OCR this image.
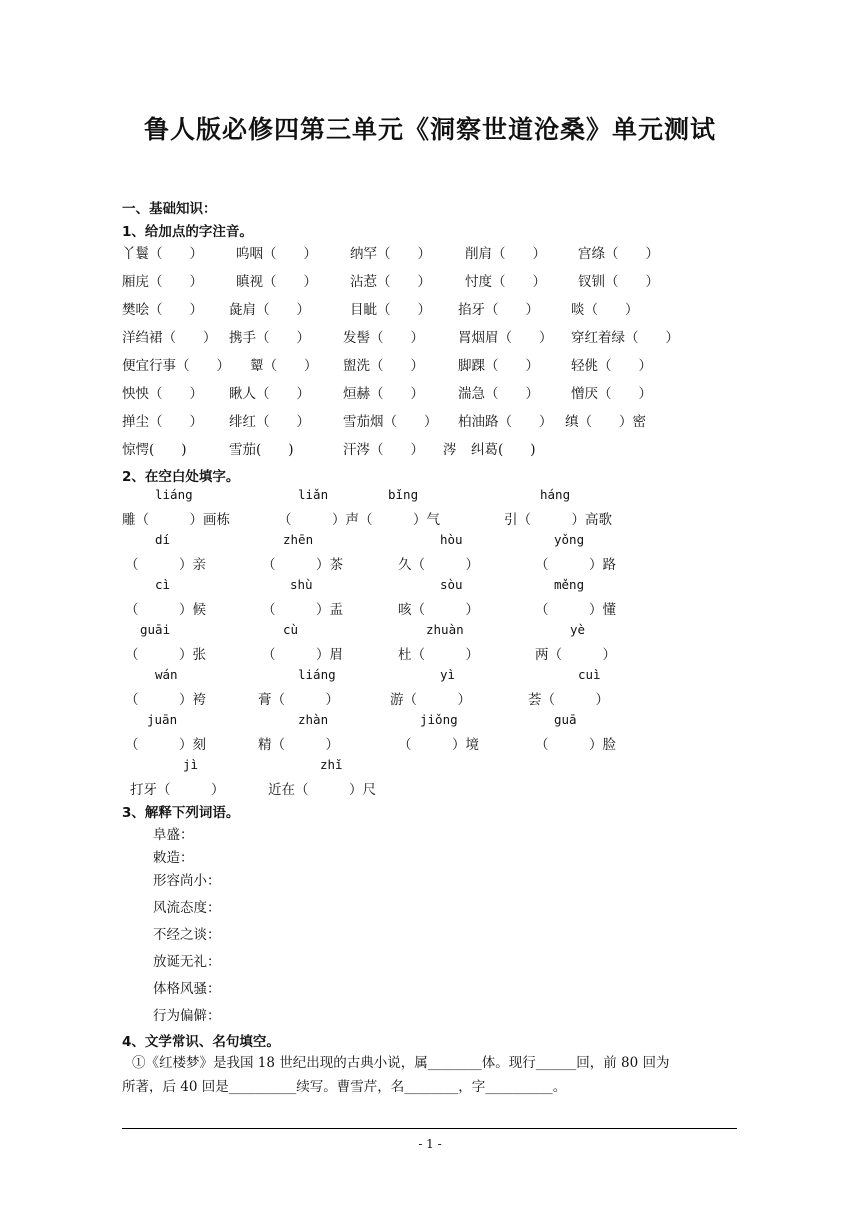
鲁人版必修四第三单元《洞察世道沧桑》单元测试
一、基础知识：
1、给加点的字注音。
丫鬟（　　） 呜咽（　　） 纳罕（　　）	削肩（　　） 宫绦（　　）
厢庑（　　） 瞋视（　　） 沾惹（　　）	忖度（　　） 钗钏（　　）
樊哙（　　） 彘肩（　　）	目眦（　　） 掐牙（　　） 啖（　　）
洋绉裙（　　） 携手（　　） 发髻（　　）	罥烟眉（　　） 穿红着绿（　　）
便宜行事（　　） 颦（　　） 盥洗（　　）	脚踝（　　） 轻佻（　　）
怏怏（　　） 瞅人（　　） 烜赫（　　）	湍急（　　） 憎厌（　　）
掸尘（　　） 绯红（　　） 雪茄烟（　　） 柏油路（　　） 缜（　　）密
惊愕(　　)	雪茄(　　)	汗涔（　　） 涔 纠葛(　　)
2、在空白处填字。
liáng	liǎn	bǐng	háng
雕（　　　）画栋	（　　　）声（　　　）气	引（　　　）高歌
dí	zhēn	hòu	yǒng
（　　　）亲	（　　　）茶	久（　　　）	（　　　）路
cì	shù	sòu	měng
（　　　）候	（　　　）盂	咳（　　　）	（　　　）懂
guāi	cù	zhuàn	yè
（　　　）张	（　　　）眉	杜（　　　）	两（　　　）
wán	liáng	yì	cuì
（　　　）袴	膏（　　　）	游（　　　）	荟（　　　）
juān	zhàn	jiǒng	guā
（　　　）刻	精（　　　）	（　　　）境	（　　　）脸
jì	zhǐ
打牙（　　　）	近在（　　　）尺
3、解释下列词语。
阜盛：
敕造：
形容尚小：
风流态度：
不经之谈：
放诞无礼：
体格风骚：
行为偏僻：
4、文学常识、名句填空。
①《红楼梦》是我国 18 世纪出现的古典小说，属________体。现行______回，前 80 回为
所著，后 40 回是__________续写。曹雪芹，名________，字__________。
- 1 -
